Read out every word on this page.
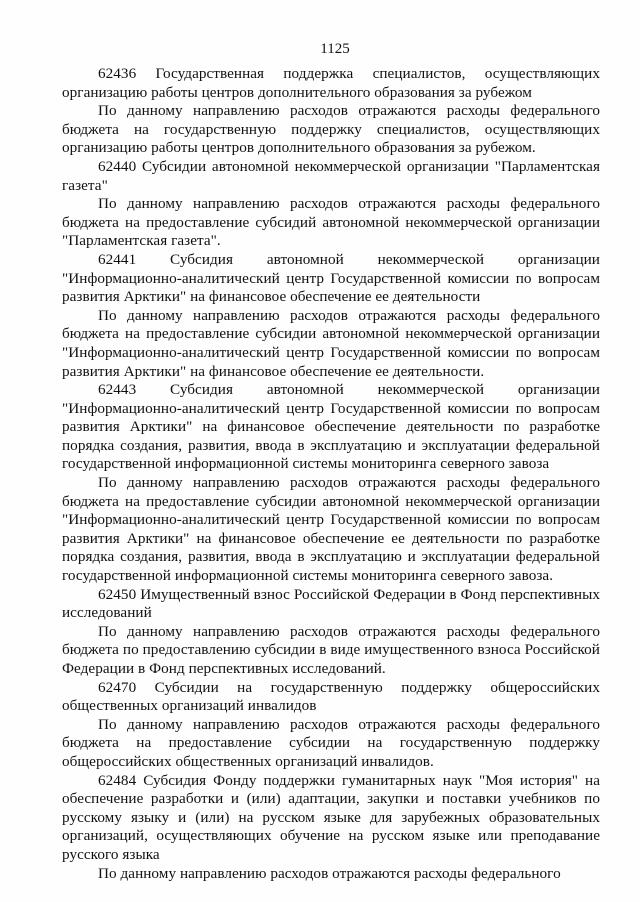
1125

62436 Государственная поддержка специалистов, осуществляющих организацию работы центров дополнительного образования за рубежом

По данному направлению расходов отражаются расходы федерального бюджета на государственную поддержку специалистов, осуществляющих организацию работы центров дополнительного образования за рубежом.

62440 Субсидии автономной некоммерческой организации "Парламентская газета"

По данному направлению расходов отражаются расходы федерального бюджета на предоставление субсидий автономной некоммерческой организации "Парламентская газета".

62441 Субсидия автономной некоммерческой организации "Информационно-аналитический центр Государственной комиссии по вопросам развития Арктики" на финансовое обеспечение ее деятельности

По данному направлению расходов отражаются расходы федерального бюджета на предоставление субсидии автономной некоммерческой организации "Информационно-аналитический центр Государственной комиссии по вопросам развития Арктики" на финансовое обеспечение ее деятельности.

62443 Субсидия автономной некоммерческой организации "Информационно-аналитический центр Государственной комиссии по вопросам развития Арктики" на финансовое обеспечение деятельности по разработке порядка создания, развития, ввода в эксплуатацию и эксплуатации федеральной государственной информационной системы мониторинга северного завоза

По данному направлению расходов отражаются расходы федерального бюджета на предоставление субсидии автономной некоммерческой организации "Информационно-аналитический центр Государственной комиссии по вопросам развития Арктики" на финансовое обеспечение ее деятельности по разработке порядка создания, развития, ввода в эксплуатацию и эксплуатации федеральной государственной информационной системы мониторинга северного завоза.

62450 Имущественный взнос Российской Федерации в Фонд перспективных исследований

По данному направлению расходов отражаются расходы федерального бюджета по предоставлению субсидии в виде имущественного взноса Российской Федерации в Фонд перспективных исследований.

62470 Субсидии на государственную поддержку общероссийских общественных организаций инвалидов

По данному направлению расходов отражаются расходы федерального бюджета на предоставление субсидии на государственную поддержку общероссийских общественных организаций инвалидов.

62484 Субсидия Фонду поддержки гуманитарных наук "Моя история" на обеспечение разработки и (или) адаптации, закупки и поставки учебников по русскому языку и (или) на русском языке для зарубежных образовательных организаций, осуществляющих обучение на русском языке или преподавание русского языка

По данному направлению расходов отражаются расходы федерального
